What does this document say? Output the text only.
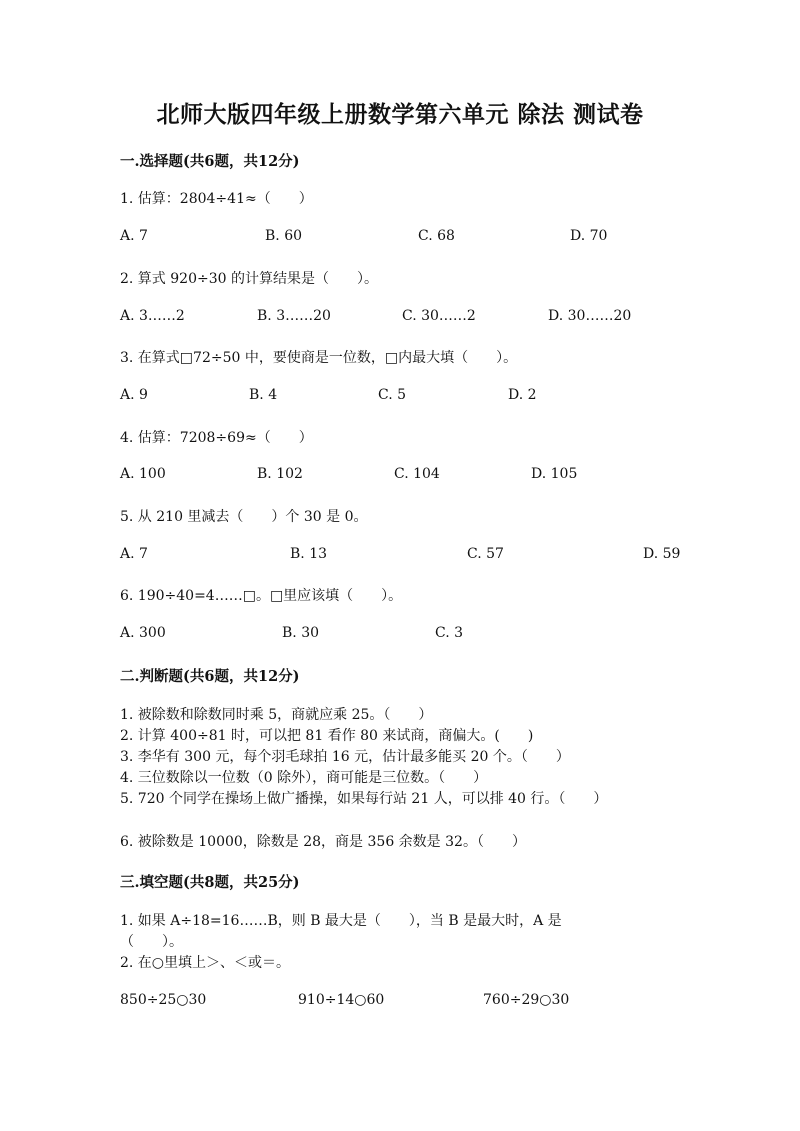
北师大版四年级上册数学第六单元 除法 测试卷
一.选择题(共6题，共12分)
1. 估算：2804÷41≈（　　）
A. 7	B. 60	C. 68	D. 70
2. 算式 920÷30 的计算结果是（　　）。
A. 3……2	B. 3……20	C. 30……2	D. 30……20
3. 在算式□72÷50 中，要使商是一位数，□内最大填（　　）。
A. 9	B. 4	C. 5	D. 2
4. 估算：7208÷69≈（　　）
A. 100	B. 102	C. 104	D. 105
5. 从 210 里减去（　　）个 30 是 0。
A. 7	B. 13	C. 57	D. 59
6. 190÷40=4……□。□里应该填（　　）。
A. 300	B. 30	C. 3
二.判断题(共6题，共12分)
1. 被除数和除数同时乘 5，商就应乘 25。（　　）
2. 计算 400÷81 时，可以把 81 看作 80 来试商，商偏大。(　　)
3. 李华有 300 元，每个羽毛球拍 16 元，估计最多能买 20 个。（　　）
4. 三位数除以一位数（0 除外），商可能是三位数。（　　）
5. 720 个同学在操场上做广播操，如果每行站 21 人，可以排 40 行。（　　）
6. 被除数是 10000，除数是 28，商是 356 余数是 32。（　　）
三.填空题(共8题，共25分)
1. 如果 A÷18=16……B，则 B 最大是（　　），当 B 是最大时，A 是
（　　）。
2. 在○里填上＞、＜或＝。
850÷25○30	910÷14○60	760÷29○30
